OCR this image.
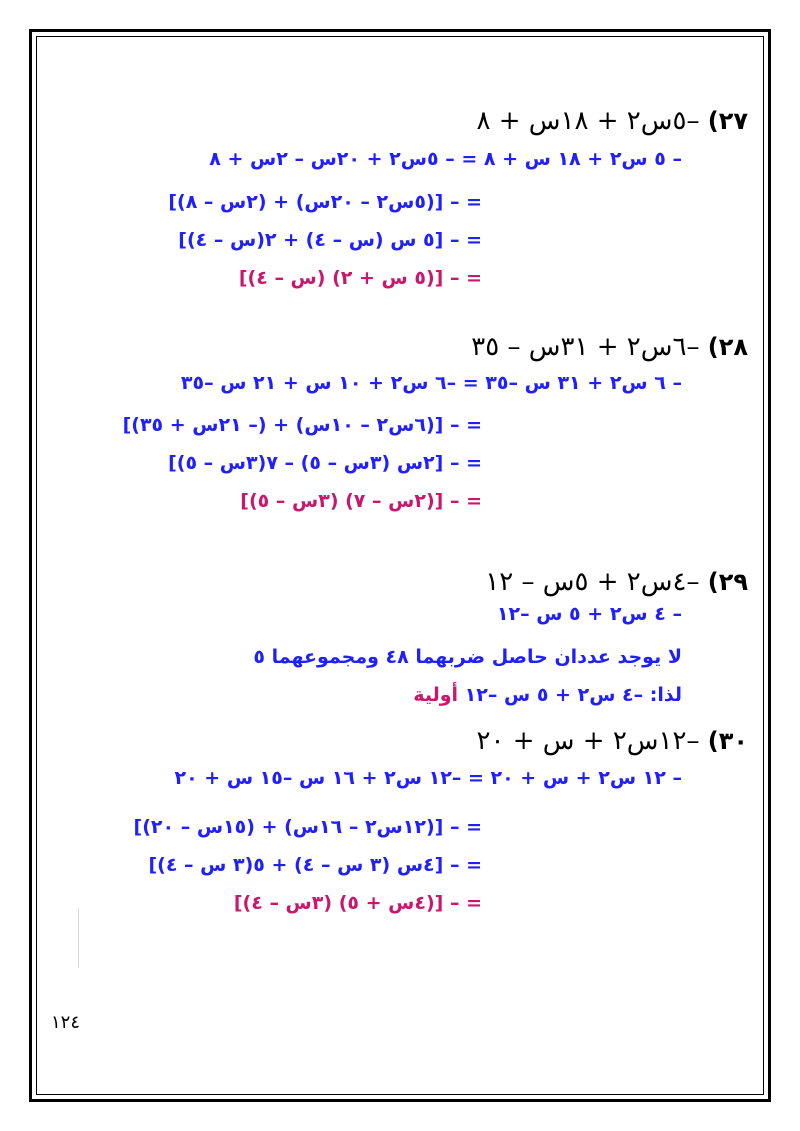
٢٧) –٥س٢ + ١٨س + ٨
– ٥ س٢ + ١٨ س + ٨ = – ٥س٢ + ٢٠س – ٢س + ٨
= – [(٥س٢ – ٢٠س) + (٢س – ٨)]
= – [٥ س (س – ٤) + ٢(س – ٤)]
= – [(٥ س + ٢) (س – ٤)]
٢٨) –٦س٢ + ٣١س – ٣٥
– ٦ س٢ + ٣١ س –٣٥ = –٦ س٢ + ١٠ س + ٢١ س –٣٥
= – [(٦س٢ – ١٠س) + (– ٢١س + ٣٥)]
= – [٢س (٣س – ٥) – ٧(٣س – ٥)]
= – [(٢س – ٧) (٣س – ٥)]
٢٩) –٤س٢ + ٥س – ١٢
– ٤ س٢ + ٥ س –١٢
لا يوجد عددان حاصل ضربهما ٤٨ ومجموعهما ٥
لذا: –٤ س٢ + ٥ س –١٢ أولية
٣٠) –١٢س٢ + س + ٢٠
– ١٢ س٢ + س + ٢٠ = –١٢ س٢ + ١٦ س –١٥ س + ٢٠
= – [(١٢س٢ – ١٦س) + (١٥س – ٢٠)]
= – [٤س (٣ س – ٤) + ٥(٣ س – ٤)]
= – [(٤س + ٥) (٣س – ٤)]
١٢٤
